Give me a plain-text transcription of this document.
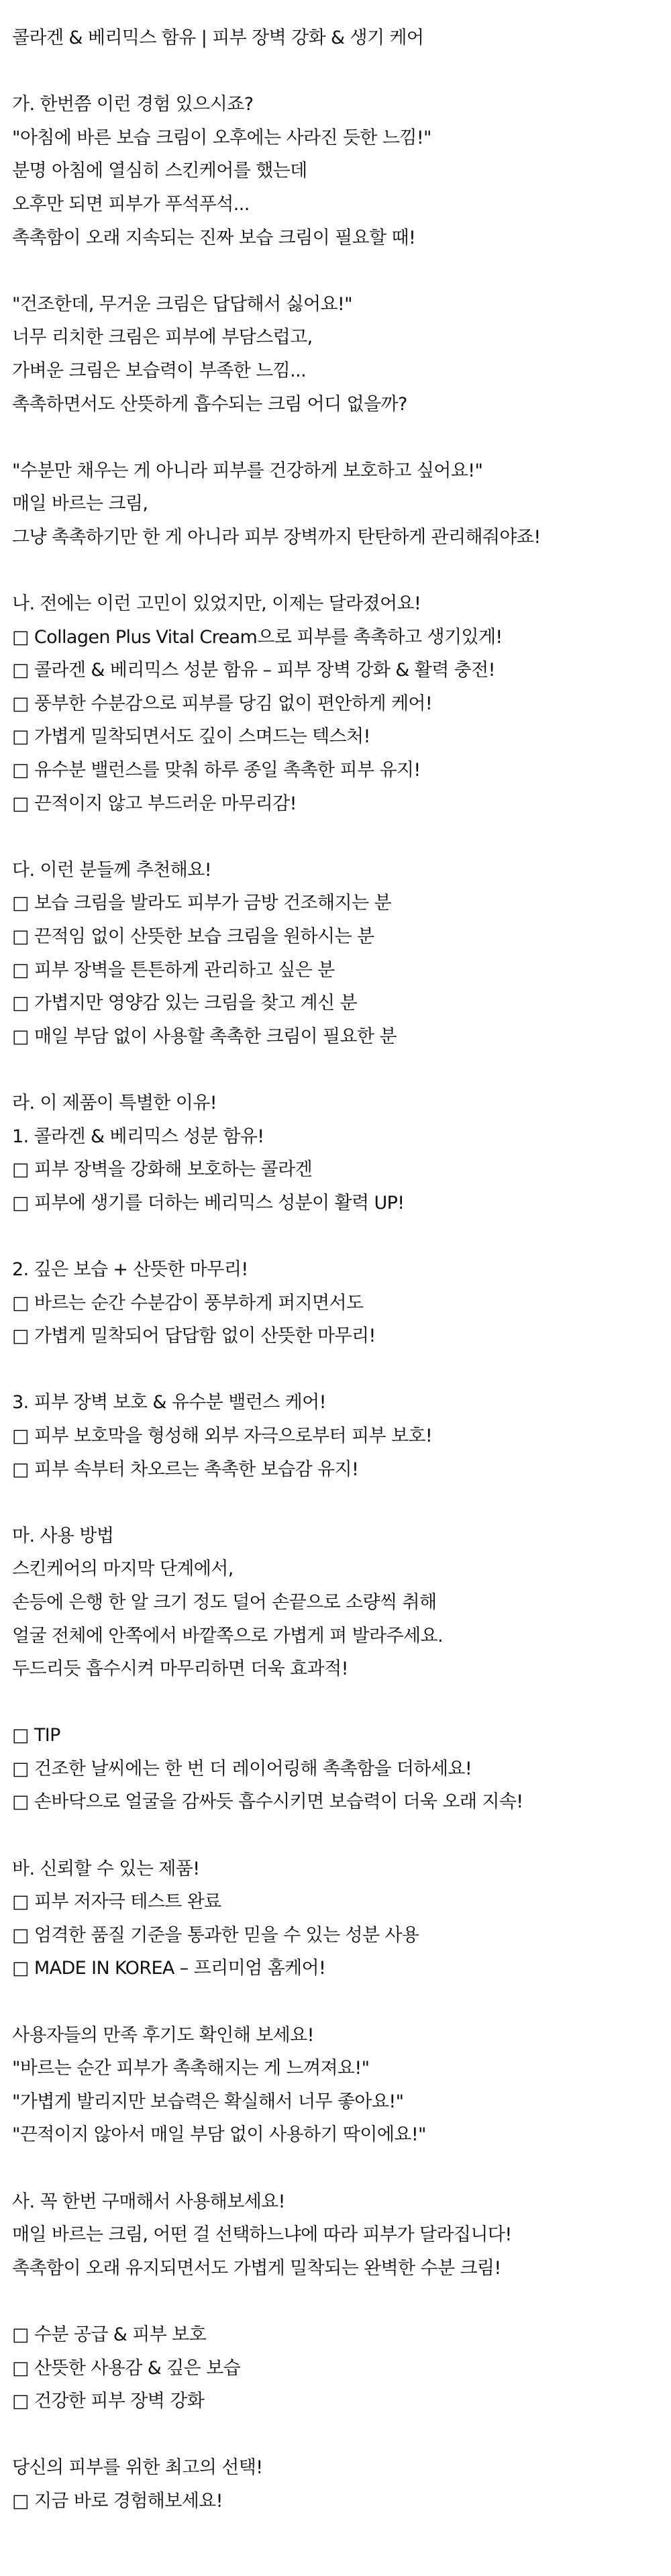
콜라겐 & 베리믹스 함유 | 피부 장벽 강화 & 생기 케어
가. 한번쯤 이런 경험 있으시죠?
"아침에 바른 보습 크림이 오후에는 사라진 듯한 느낌!"
분명 아침에 열심히 스킨케어를 했는데
오후만 되면 피부가 푸석푸석...
촉촉함이 오래 지속되는 진짜 보습 크림이 필요할 때!
"건조한데, 무거운 크림은 답답해서 싫어요!"
너무 리치한 크림은 피부에 부담스럽고,
가벼운 크림은 보습력이 부족한 느낌...
촉촉하면서도 산뜻하게 흡수되는 크림 어디 없을까?
"수분만 채우는 게 아니라 피부를 건강하게 보호하고 싶어요!"
매일 바르는 크림,
그냥 촉촉하기만 한 게 아니라 피부 장벽까지 탄탄하게 관리해줘야죠!
나. 전에는 이런 고민이 있었지만, 이제는 달라졌어요!
□ Collagen Plus Vital Cream으로 피부를 촉촉하고 생기있게!
□ 콜라겐 & 베리믹스 성분 함유 – 피부 장벽 강화 & 활력 충전!
□ 풍부한 수분감으로 피부를 당김 없이 편안하게 케어!
□ 가볍게 밀착되면서도 깊이 스며드는 텍스처!
□ 유수분 밸런스를 맞춰 하루 종일 촉촉한 피부 유지!
□ 끈적이지 않고 부드러운 마무리감!
다. 이런 분들께 추천해요!
□ 보습 크림을 발라도 피부가 금방 건조해지는 분
□ 끈적임 없이 산뜻한 보습 크림을 원하시는 분
□ 피부 장벽을 튼튼하게 관리하고 싶은 분
□ 가볍지만 영양감 있는 크림을 찾고 계신 분
□ 매일 부담 없이 사용할 촉촉한 크림이 필요한 분
라. 이 제품이 특별한 이유!
1. 콜라겐 & 베리믹스 성분 함유!
□ 피부 장벽을 강화해 보호하는 콜라겐
□ 피부에 생기를 더하는 베리믹스 성분이 활력 UP!
2. 깊은 보습 + 산뜻한 마무리!
□ 바르는 순간 수분감이 풍부하게 퍼지면서도
□ 가볍게 밀착되어 답답함 없이 산뜻한 마무리!
3. 피부 장벽 보호 & 유수분 밸런스 케어!
□ 피부 보호막을 형성해 외부 자극으로부터 피부 보호!
□ 피부 속부터 차오르는 촉촉한 보습감 유지!
마. 사용 방법
스킨케어의 마지막 단계에서,
손등에 은행 한 알 크기 정도 덜어 손끝으로 소량씩 취해
얼굴 전체에 안쪽에서 바깥쪽으로 가볍게 펴 발라주세요.
두드리듯 흡수시켜 마무리하면 더욱 효과적!
□ TIP
□ 건조한 날씨에는 한 번 더 레이어링해 촉촉함을 더하세요!
□ 손바닥으로 얼굴을 감싸듯 흡수시키면 보습력이 더욱 오래 지속!
바. 신뢰할 수 있는 제품!
□ 피부 저자극 테스트 완료
□ 엄격한 품질 기준을 통과한 믿을 수 있는 성분 사용
□ MADE IN KOREA – 프리미엄 홈케어!
사용자들의 만족 후기도 확인해 보세요!
"바르는 순간 피부가 촉촉해지는 게 느껴져요!"
"가볍게 발리지만 보습력은 확실해서 너무 좋아요!"
"끈적이지 않아서 매일 부담 없이 사용하기 딱이에요!"
사. 꼭 한번 구매해서 사용해보세요!
매일 바르는 크림, 어떤 걸 선택하느냐에 따라 피부가 달라집니다!
촉촉함이 오래 유지되면서도 가볍게 밀착되는 완벽한 수분 크림!
□ 수분 공급 & 피부 보호
□ 산뜻한 사용감 & 깊은 보습
□ 건강한 피부 장벽 강화
당신의 피부를 위한 최고의 선택!
□ 지금 바로 경험해보세요!
